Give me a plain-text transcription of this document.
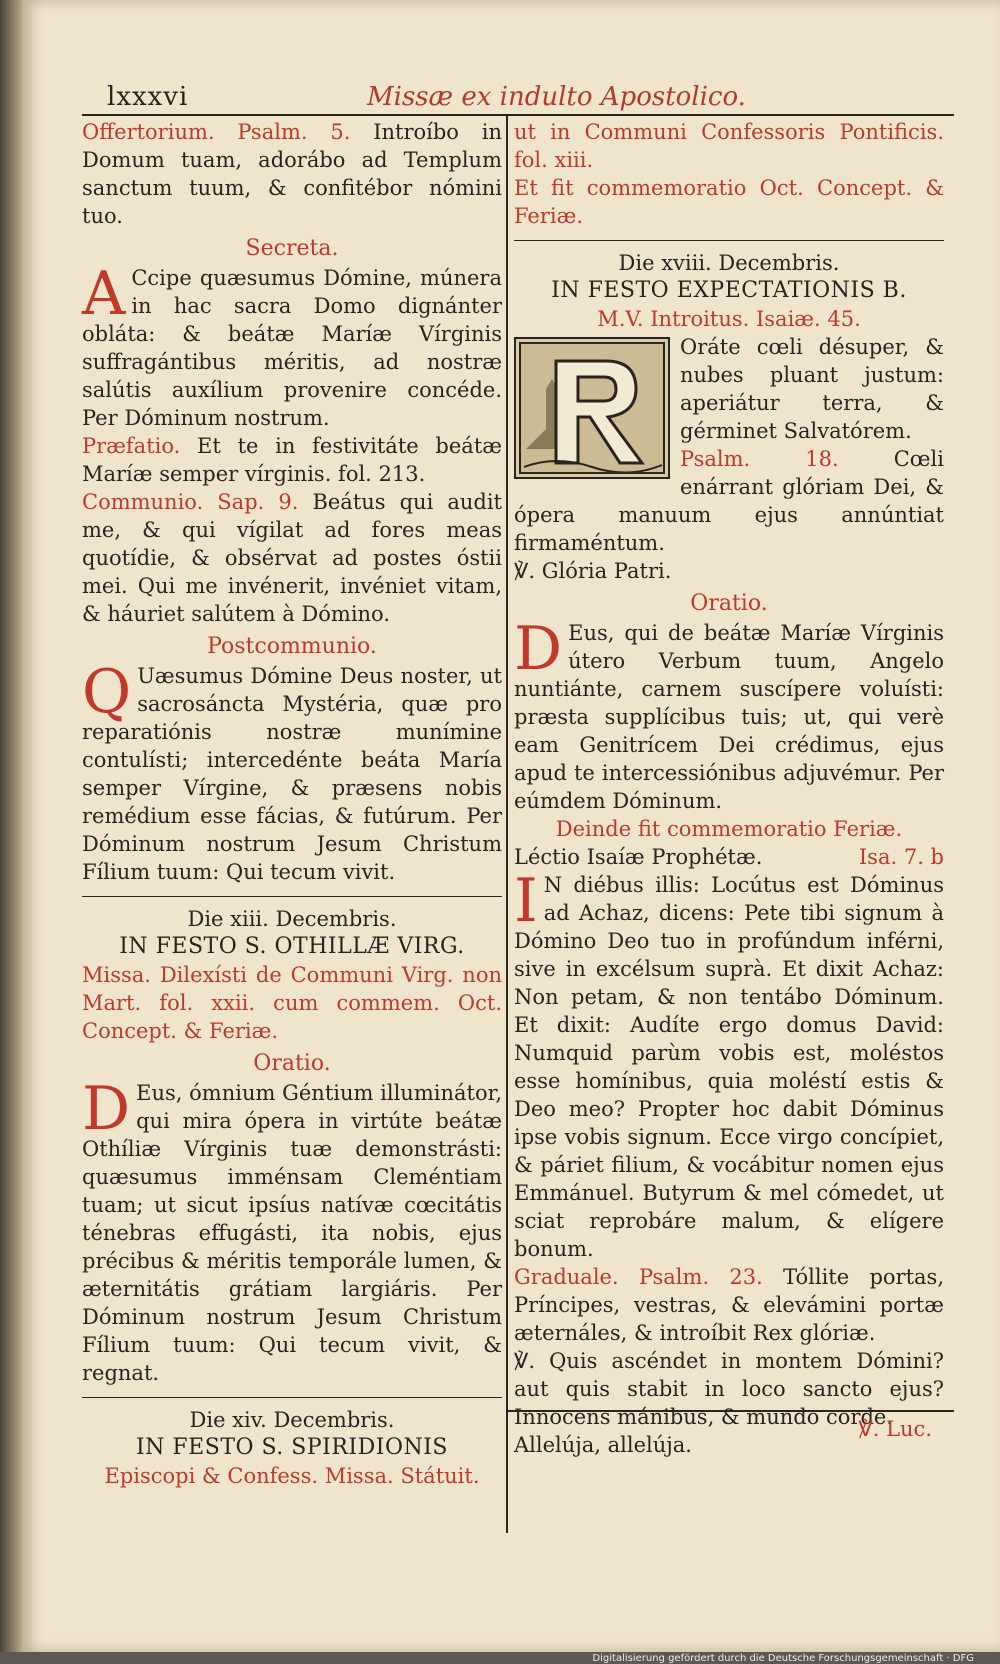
lxxxvi	Missæ ex indulto Apostolico.

Offertorium. Psalm. 5. Introíbo in Domum tuam, adorábo ad Templum sanctum tuum, & confitébor nómini tuo.

Secreta.

A Ccipe quæsumus Dómine, múnera in hac sacra Domo dignánter obláta: & beátæ Maríæ Vírginis suffragántibus méritis, ad nostræ salútis auxílium provenire concéde. Per Dóminum nostrum.

Præfatio. Et te in festivitáte beátæ Maríæ semper vírginis. fol. 213.

Communio. Sap. 9. Beátus qui audit me, & qui vígilat ad fores meas quotídie, & obsérvat ad postes óstii mei. Qui me invénerit, invéniet vitam, & háuriet salútem à Dómino.

Postcommunio.

Q Uæsumus Dómine Deus noster, ut sacrosáncta Mystéria, quæ pro reparatiónis nostræ munímine contulísti; intercedénte beáta María semper Vírgine, & præsens nobis remédium esse fácias, & futúrum. Per Dóminum nostrum Jesum Christum Fílium tuum: Qui tecum vivit.

Die xiii. Decembris.

IN FESTO S. OTHILLÆ VIRG.

Missa. Dilexísti de Communi Virg. non Mart. fol. xxii. cum commem. Oct. Concept. & Feriæ.

Oratio.

D Eus, ómnium Géntium illuminátor, qui mira ópera in virtúte beátæ Othíliæ Vírginis tuæ demonstrásti: quæsumus imménsam Cleméntiam tuam; ut sicut ipsíus natívæ cœcitátis ténebras effugásti, ita nobis, ejus précibus & méritis temporále lumen, & æternitátis grátiam largiáris. Per Dóminum nostrum Jesum Christum Fílium tuum: Qui tecum vivit, & regnat.

Die xiv. Decembris.

IN FESTO S. SPIRIDIONIS

Episcopi & Confess. Missa. Státuit.

ut in Communi Confessoris Pontificis. fol. xiii.

Et fit commemoratio Oct. Concept. & Feriæ.

Die xviii. Decembris.

IN FESTO EXPECTATIONIS B.

M.V. Introitus. Isaiæ. 45.

Oráte cœli désuper, & nubes pluant justum: aperiátur terra, & gérminet Salvatórem.

Psalm. 18. Cœli enárrant glóriam Dei, & ópera manuum ejus annúntiat firmaméntum.

℣. Glória Patri.

Oratio.

D Eus, qui de beátæ Maríæ Vírginis útero Verbum tuum, Angelo nuntiánte, carnem suscípere voluísti: præsta supplícibus tuis; ut, qui verè eam Genitrícem Dei crédimus, ejus apud te intercessiónibus adjuvémur. Per eúmdem Dóminum.

Deinde fit commemoratio Feriæ.

Léctio Isaíæ Prophétæ.	Isa. 7. b

I N diébus illis: Locútus est Dóminus ad Achaz, dicens: Pete tibi signum à Dómino Deo tuo in profúndum inférni, sive in excélsum suprà. Et dixit Achaz: Non petam, & non tentábo Dóminum. Et dixit: Audíte ergo domus David: Numquid parùm vobis est, moléstos esse homínibus, quia moléstí estis & Deo meo? Propter hoc dabit Dóminus ipse vobis signum. Ecce virgo concípiet, & páriet filium, & vocábitur nomen ejus Emmánuel. Butyrum & mel cómedet, ut sciat reprobáre malum, & elígere bonum.

Graduale. Psalm. 23. Tóllite portas, Príncipes, vestras, & elevámini portæ æternáles, & introíbit Rex glóriæ.

℣. Quis ascéndet in montem Dómini? aut quis stabit in loco sancto ejus? Innocens mánibus, & mundo corde.

Allelúja, allelúja.

℣. Luc.
Digitalisierung gefördert durch die Deutsche Forschungsgemeinschaft · DFG
